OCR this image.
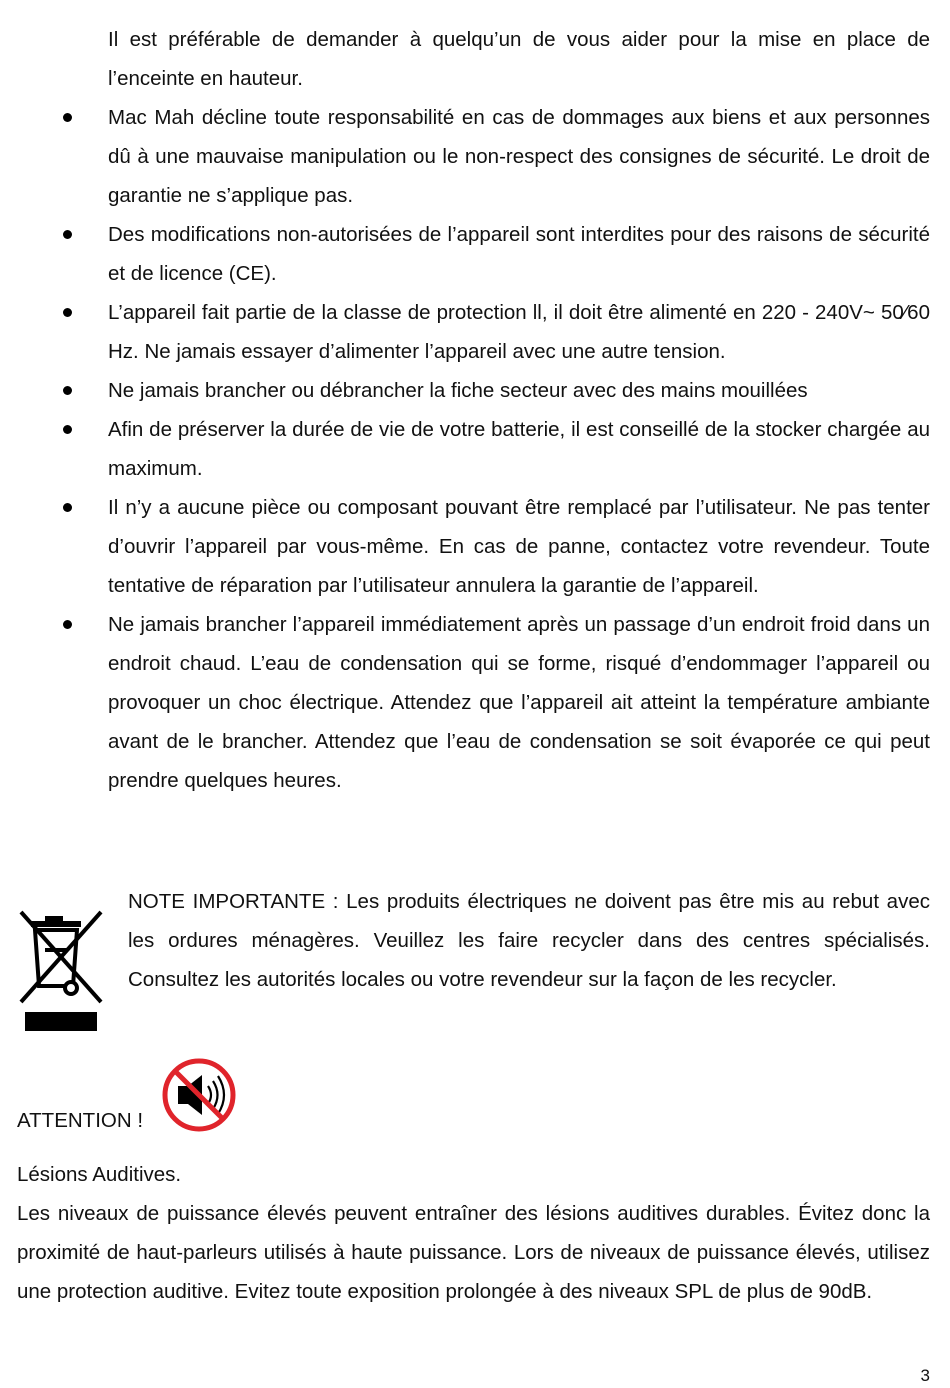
Il est préférable de demander à quelqu’un de vous aider pour la mise en place de l’enceinte en hauteur.

Mac Mah décline toute responsabilité en cas de dommages aux biens et aux personnes dû à une mauvaise manipulation ou le non-respect des consignes de sécurité. Le droit de garantie ne s’applique pas.

Des modifications non-autorisées de l’appareil sont interdites pour des raisons de sécurité et de licence (CE).

L’appareil fait partie de la classe de protection ll, il doit être alimenté en 220 - 240V~ 50⁄60 Hz. Ne jamais essayer d’alimenter l’appareil avec une autre tension.

Ne jamais brancher ou débrancher la fiche secteur avec des mains mouillées

Afin de préserver la durée de vie de votre batterie, il est conseillé de la stocker chargée au maximum.

Il n’y a aucune pièce ou composant pouvant être remplacé par l’utilisateur. Ne pas tenter d’ouvrir l’appareil par vous-même. En cas de panne, contactez votre revendeur. Toute tentative de réparation par l’utilisateur annulera la garantie de l’appareil.

Ne jamais brancher l’appareil immédiatement après un passage d’un endroit froid dans un endroit chaud. L’eau de condensation qui se forme, risqué d’endommager l’appareil ou provoquer un choc électrique. Attendez que l’appareil ait atteint la température ambiante avant de le brancher. Attendez que l’eau de condensation se soit évaporée ce qui peut prendre quelques heures.

NOTE IMPORTANTE : Les produits électriques ne doivent pas être mis au rebut avec les ordures ménagères. Veuillez les faire recycler dans des centres spécialisés. Consultez les autorités locales ou votre revendeur sur la façon de les recycler.

ATTENTION !

Lésions Auditives.

Les niveaux de puissance élevés peuvent entraîner des lésions auditives durables. Évitez donc la proximité de haut-parleurs utilisés à haute puissance. Lors de niveaux de puissance élevés, utilisez une protection auditive. Evitez toute exposition prolongée à des niveaux SPL de plus de 90dB.

3
